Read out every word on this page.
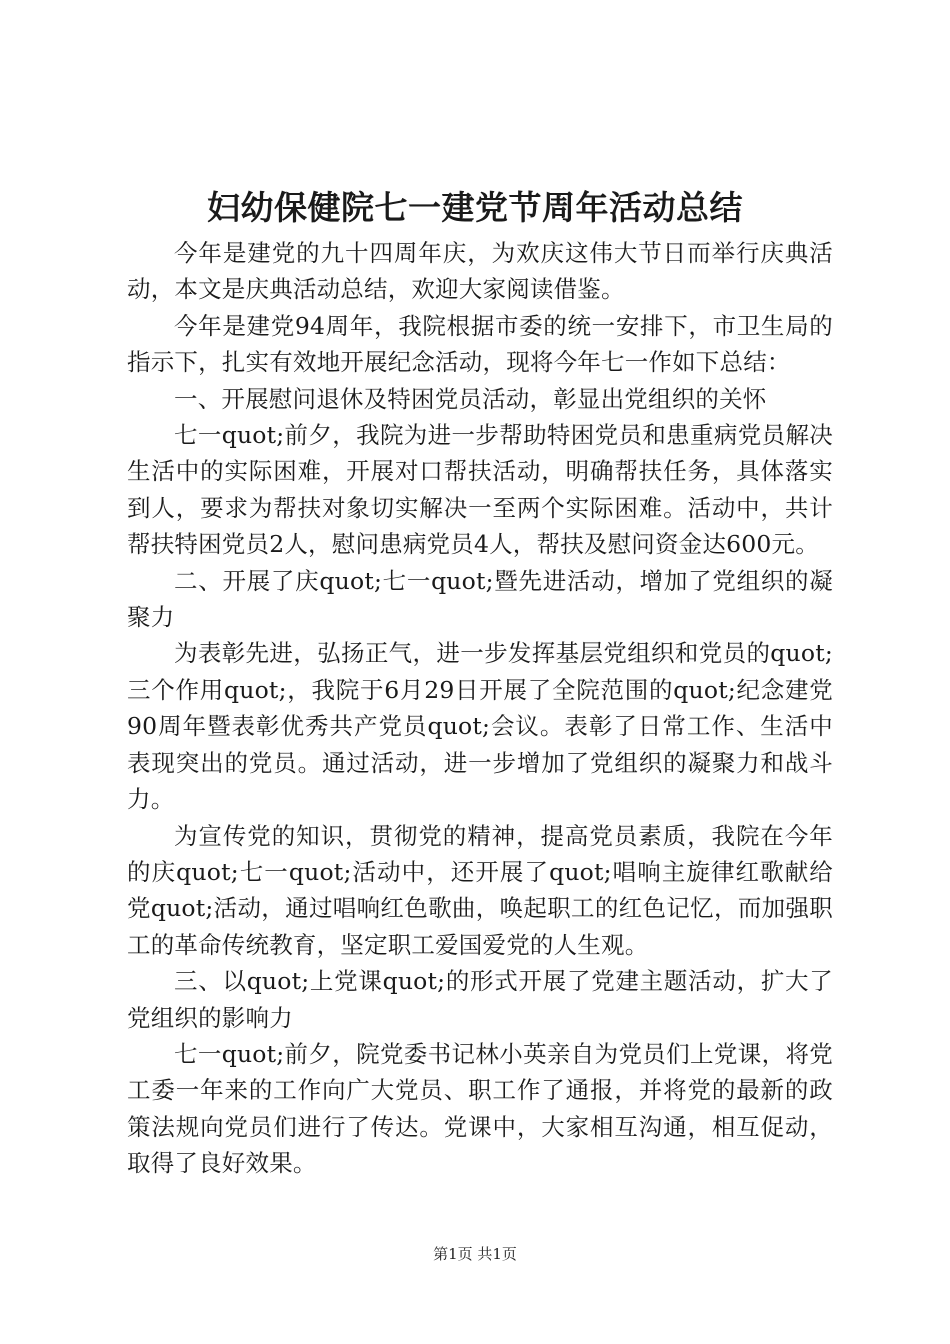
妇幼保健院七一建党节周年活动总结

今年是建党的九十四周年庆，为欢庆这伟大节日而举行庆典活动，本文是庆典活动总结，欢迎大家阅读借鉴。

今年是建党94周年，我院根据市委的统一安排下，市卫生局的指示下，扎实有效地开展纪念活动，现将今年七一作如下总结：

一、开展慰问退休及特困党员活动，彰显出党组织的关怀

七一quot;前夕，我院为进一步帮助特困党员和患重病党员解决生活中的实际困难，开展对口帮扶活动，明确帮扶任务，具体落实到人，要求为帮扶对象切实解决一至两个实际困难。活动中，共计帮扶特困党员2人，慰问患病党员4人，帮扶及慰问资金达600元。

二、开展了庆quot;七一quot;暨先进活动，增加了党组织的凝聚力

为表彰先进，弘扬正气，进一步发挥基层党组织和党员的quot;三个作用quot;，我院于6月29日开展了全院范围的quot;纪念建党90周年暨表彰优秀共产党员quot;会议。表彰了日常工作、生活中表现突出的党员。通过活动，进一步增加了党组织的凝聚力和战斗力。

为宣传党的知识，贯彻党的精神，提高党员素质，我院在今年的庆quot;七一quot;活动中，还开展了quot;唱响主旋律红歌献给党quot;活动，通过唱响红色歌曲，唤起职工的红色记忆，而加强职工的革命传统教育，坚定职工爱国爱党的人生观。

三、以quot;上党课quot;的形式开展了党建主题活动，扩大了党组织的影响力

七一quot;前夕，院党委书记林小英亲自为党员们上党课，将党工委一年来的工作向广大党员、职工作了通报，并将党的最新的政策法规向党员们进行了传达。党课中，大家相互沟通，相互促动，取得了良好效果。

第1页 共1页
